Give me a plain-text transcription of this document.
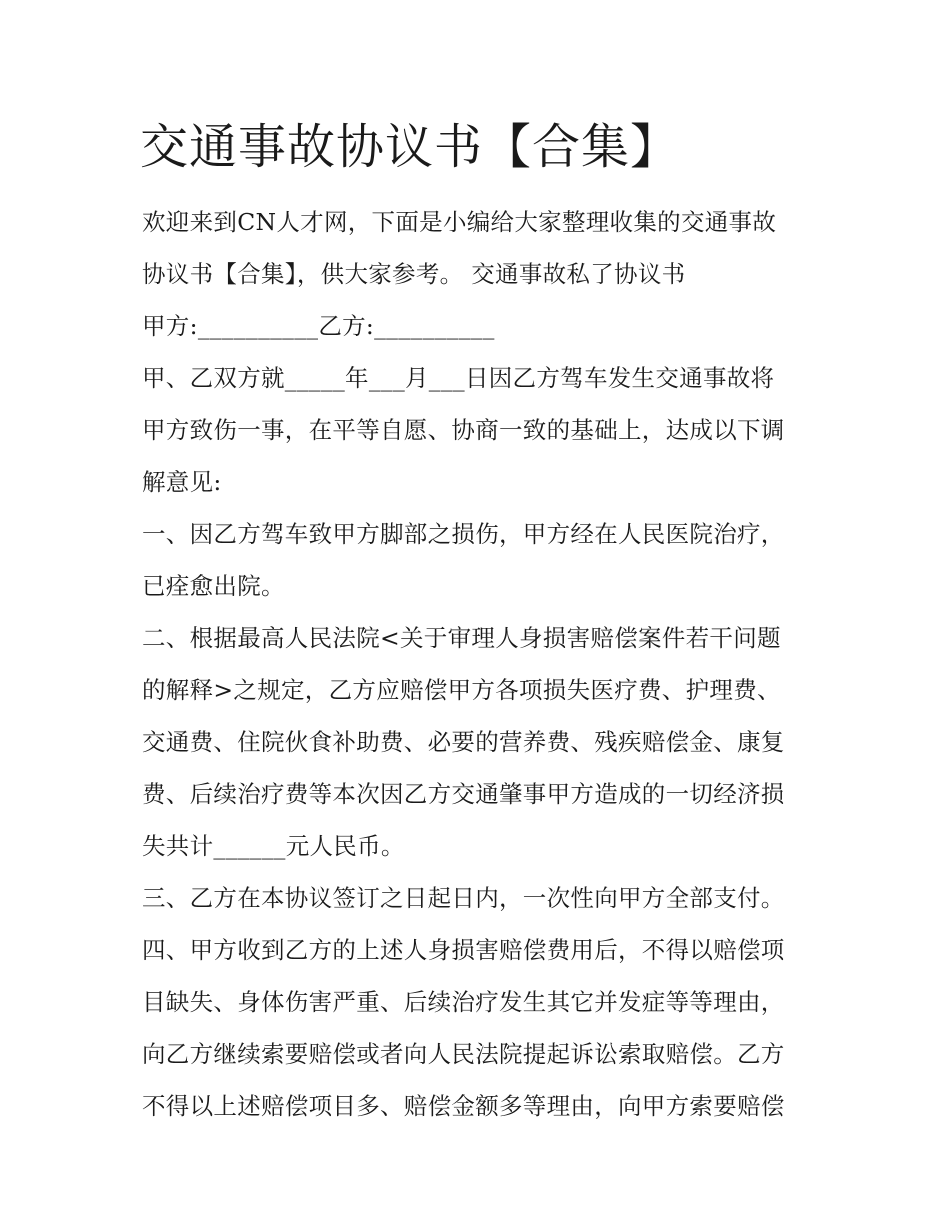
交通事故协议书【合集】
欢迎来到CN人才网，下面是小编给大家整理收集的交通事故
协议书【合集】，供大家参考。 交通事故私了协议书
甲方:__________乙方:__________
甲、乙双方就_____年___月___日因乙方驾车发生交通事故将
甲方致伤一事，在平等自愿、协商一致的基础上，达成以下调
解意见:
一、因乙方驾车致甲方脚部之损伤，甲方经在人民医院治疗，
已痊愈出院。
二、根据最高人民法院<关于审理人身损害赔偿案件若干问题
的解释>之规定，乙方应赔偿甲方各项损失医疗费、护理费、
交通费、住院伙食补助费、必要的营养费、残疾赔偿金、康复
费、后续治疗费等本次因乙方交通肇事甲方造成的一切经济损
失共计______元人民币。
三、乙方在本协议签订之日起日内，一次性向甲方全部支付。
四、甲方收到乙方的上述人身损害赔偿费用后，不得以赔偿项
目缺失、身体伤害严重、后续治疗发生其它并发症等等理由，
向乙方继续索要赔偿或者向人民法院提起诉讼索取赔偿。乙方
不得以上述赔偿项目多、赔偿金额多等理由，向甲方索要赔偿
